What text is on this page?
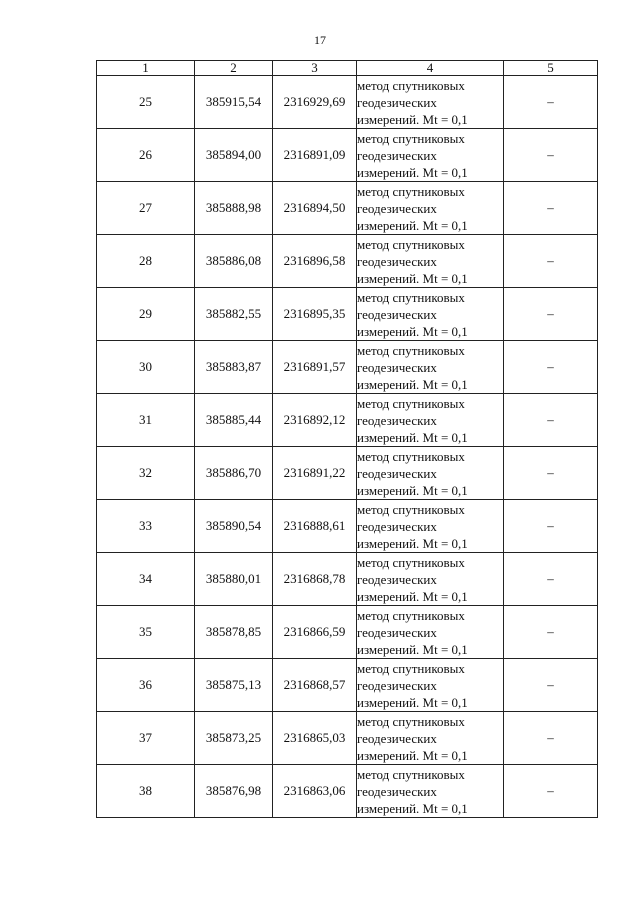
17
1	2	3	4	5
25	385915,54	2316929,69	метод спутниковых
геодезических
измерений. Mt = 0,1	–
26	385894,00	2316891,09	метод спутниковых
геодезических
измерений. Mt = 0,1	–
27	385888,98	2316894,50	метод спутниковых
геодезических
измерений. Mt = 0,1	–
28	385886,08	2316896,58	метод спутниковых
геодезических
измерений. Mt = 0,1	–
29	385882,55	2316895,35	метод спутниковых
геодезических
измерений. Mt = 0,1	–
30	385883,87	2316891,57	метод спутниковых
геодезических
измерений. Mt = 0,1	–
31	385885,44	2316892,12	метод спутниковых
геодезических
измерений. Mt = 0,1	–
32	385886,70	2316891,22	метод спутниковых
геодезических
измерений. Mt = 0,1	–
33	385890,54	2316888,61	метод спутниковых
геодезических
измерений. Mt = 0,1	–
34	385880,01	2316868,78	метод спутниковых
геодезических
измерений. Mt = 0,1	–
35	385878,85	2316866,59	метод спутниковых
геодезических
измерений. Mt = 0,1	–
36	385875,13	2316868,57	метод спутниковых
геодезических
измерений. Mt = 0,1	–
37	385873,25	2316865,03	метод спутниковых
геодезических
измерений. Mt = 0,1	–
38	385876,98	2316863,06	метод спутниковых
геодезических
измерений. Mt = 0,1	–
